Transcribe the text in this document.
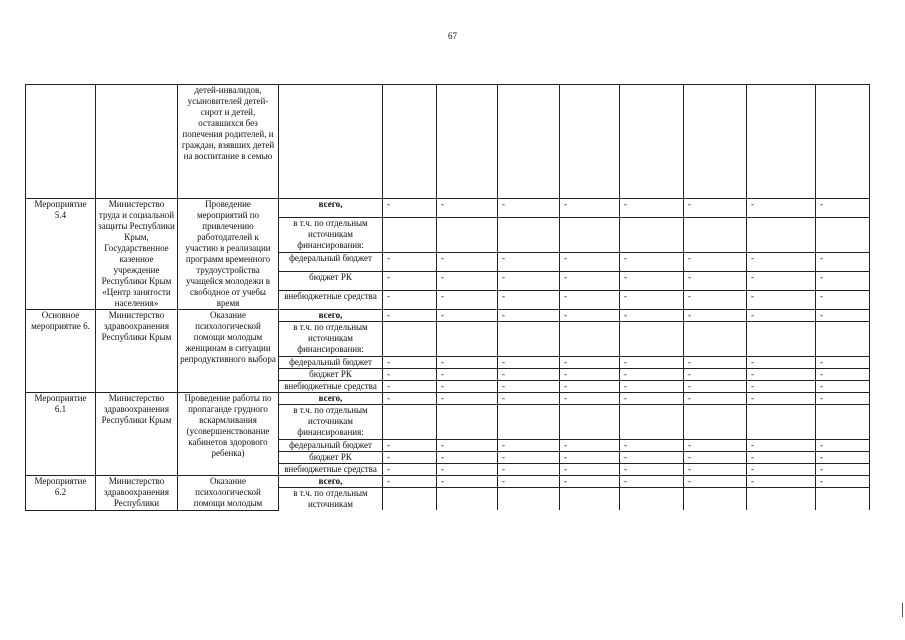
67
		детей-инвалидов, усыновителей детей-сирот и детей, оставшихся без попечения родителей, и граждан, взявших детей на воспитание в семью									
Мероприятие 5.4	Министерство труда и социальной защиты Республики Крым, Государственное казенное учреждение Республики Крым «Центр занятости населения»	Проведение мероприятий по привлечению работодателей к участию в реализации программ временного трудоустройства учащейся молодежи в свободное от учебы время	всего,	-	-	-	-	-	-	-	-
			в т.ч. по отдельным источникам финансирования:								
			федеральный бюджет	-	-	-	-	-	-	-	-
			бюджет РК	-	-	-	-	-	-	-	-
			внебюджетные средства	-	-	-	-	-	-	-	-
Основное мероприятие 6.	Министерство здравоохранения Республики Крым	Оказание психологической помощи молодым женщинам в ситуации репродуктивного выбора	всего,	-	-	-	-	-	-	-	-
			в т.ч. по отдельным источникам финансирования:								
			федеральный бюджет	-	-	-	-	-	-	-	-
			бюджет РК	-	-	-	-	-	-	-	-
			внебюджетные средства	-	-	-	-	-	-	-	-
Мероприятие 6.1	Министерство здравоохранения Республики Крым	Проведение работы по пропаганде грудного вскармливания (усовершенствование кабинетов здорового ребенка)	всего,	-	-	-	-	-	-	-	-
			в т.ч. по отдельным источникам финансирования:								
			федеральный бюджет	-	-	-	-	-	-	-	-
			бюджет РК	-	-	-	-	-	-	-	-
			внебюджетные средства	-	-	-	-	-	-	-	-
Мероприятие 6.2	Министерство здравоохранения Республики	Оказание психологической помощи молодым	всего,	-	-	-	-	-	-	-	-
			в т.ч. по отдельным источникам								
